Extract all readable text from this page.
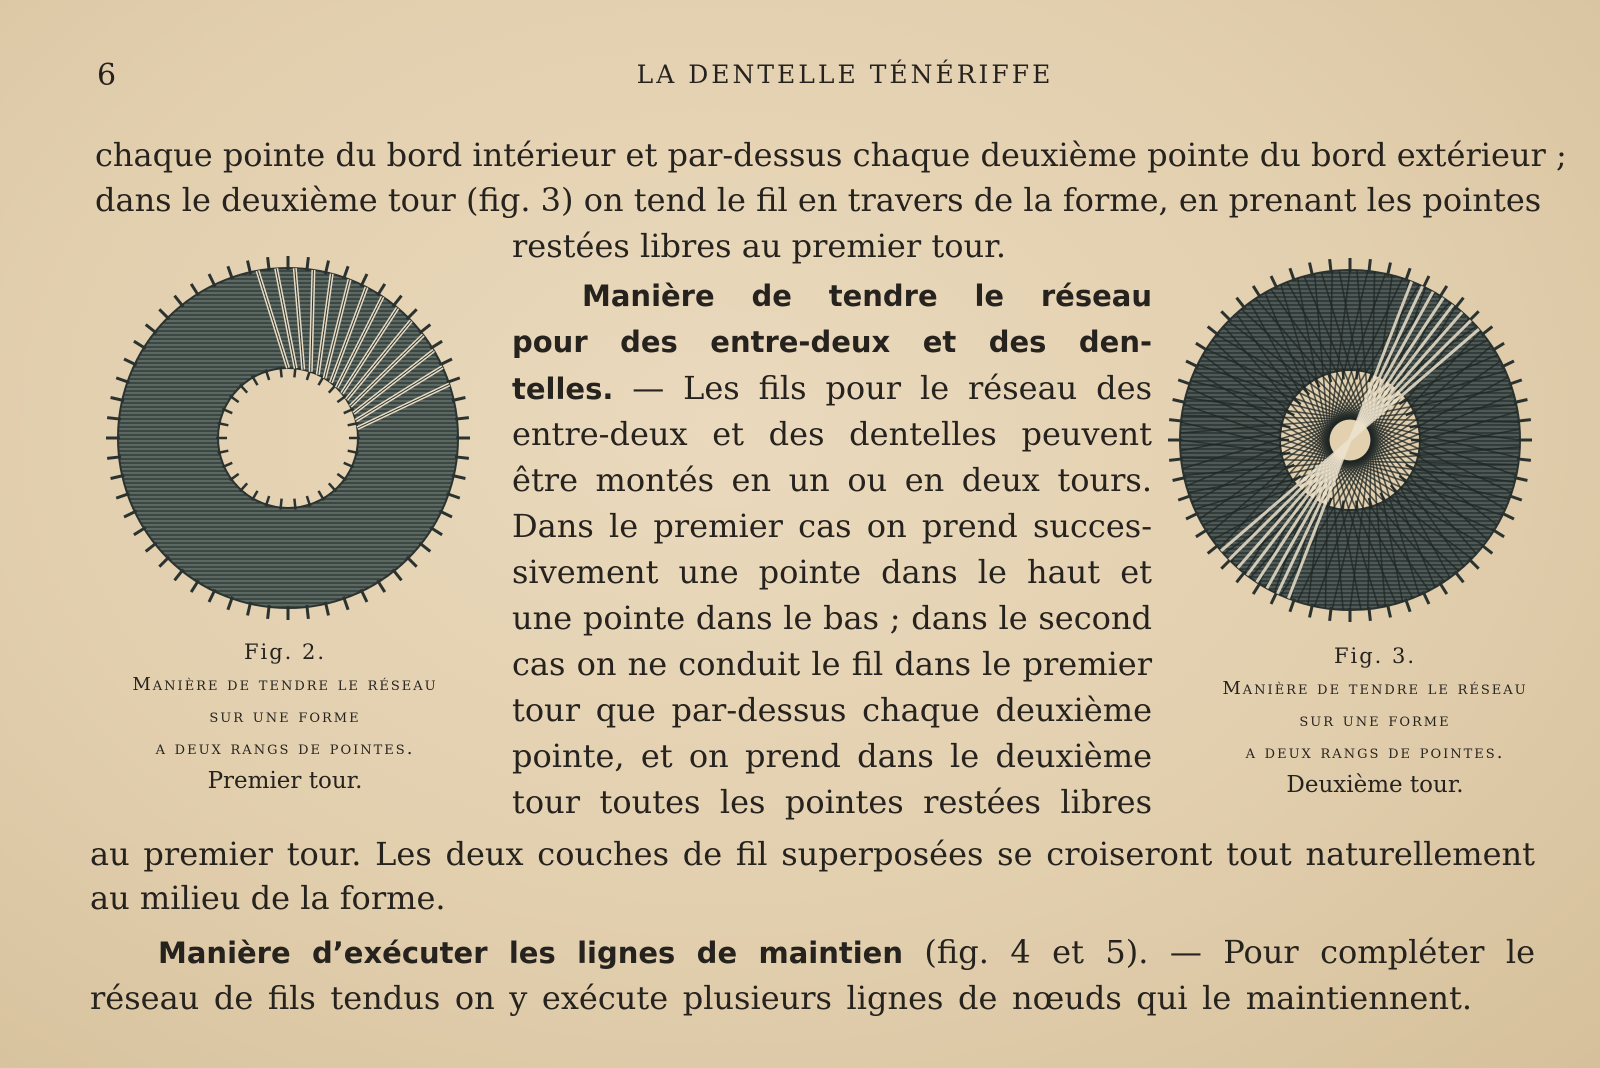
6	LA DENTELLE TÉNÉRIFFE
chaque pointe du bord intérieur et par-dessus chaque deuxième pointe du bord extérieur ;
dans le deuxième tour (fig. 3) on tend le fil en travers de la forme, en prenant les pointes
restées libres au premier tour.
Manière de tendre le réseau
pour des entre-deux et des den-
telles. — Les fils pour le réseau des
entre-deux et des dentelles peuvent
être montés en un ou en deux tours.
Dans le premier cas on prend succes-
sivement une pointe dans le haut et
une pointe dans le bas ; dans le second
cas on ne conduit le fil dans le premier
tour que par-dessus chaque deuxième
pointe, et on prend dans le deuxième
tour toutes les pointes restées libres
au premier tour. Les deux couches de fil superposées se croiseront tout naturellement
au milieu de la forme.
Manière d’exécuter les lignes de maintien (fig. 4 et 5). — Pour compléter le
réseau de fils tendus on y exécute plusieurs lignes de nœuds qui le maintiennent.
Fig. 2.
Manière de tendre le réseau
sur une forme
a deux rangs de pointes.
Premier tour.
Fig. 3.
Manière de tendre le réseau
sur une forme
a deux rangs de pointes.
Deuxième tour.
